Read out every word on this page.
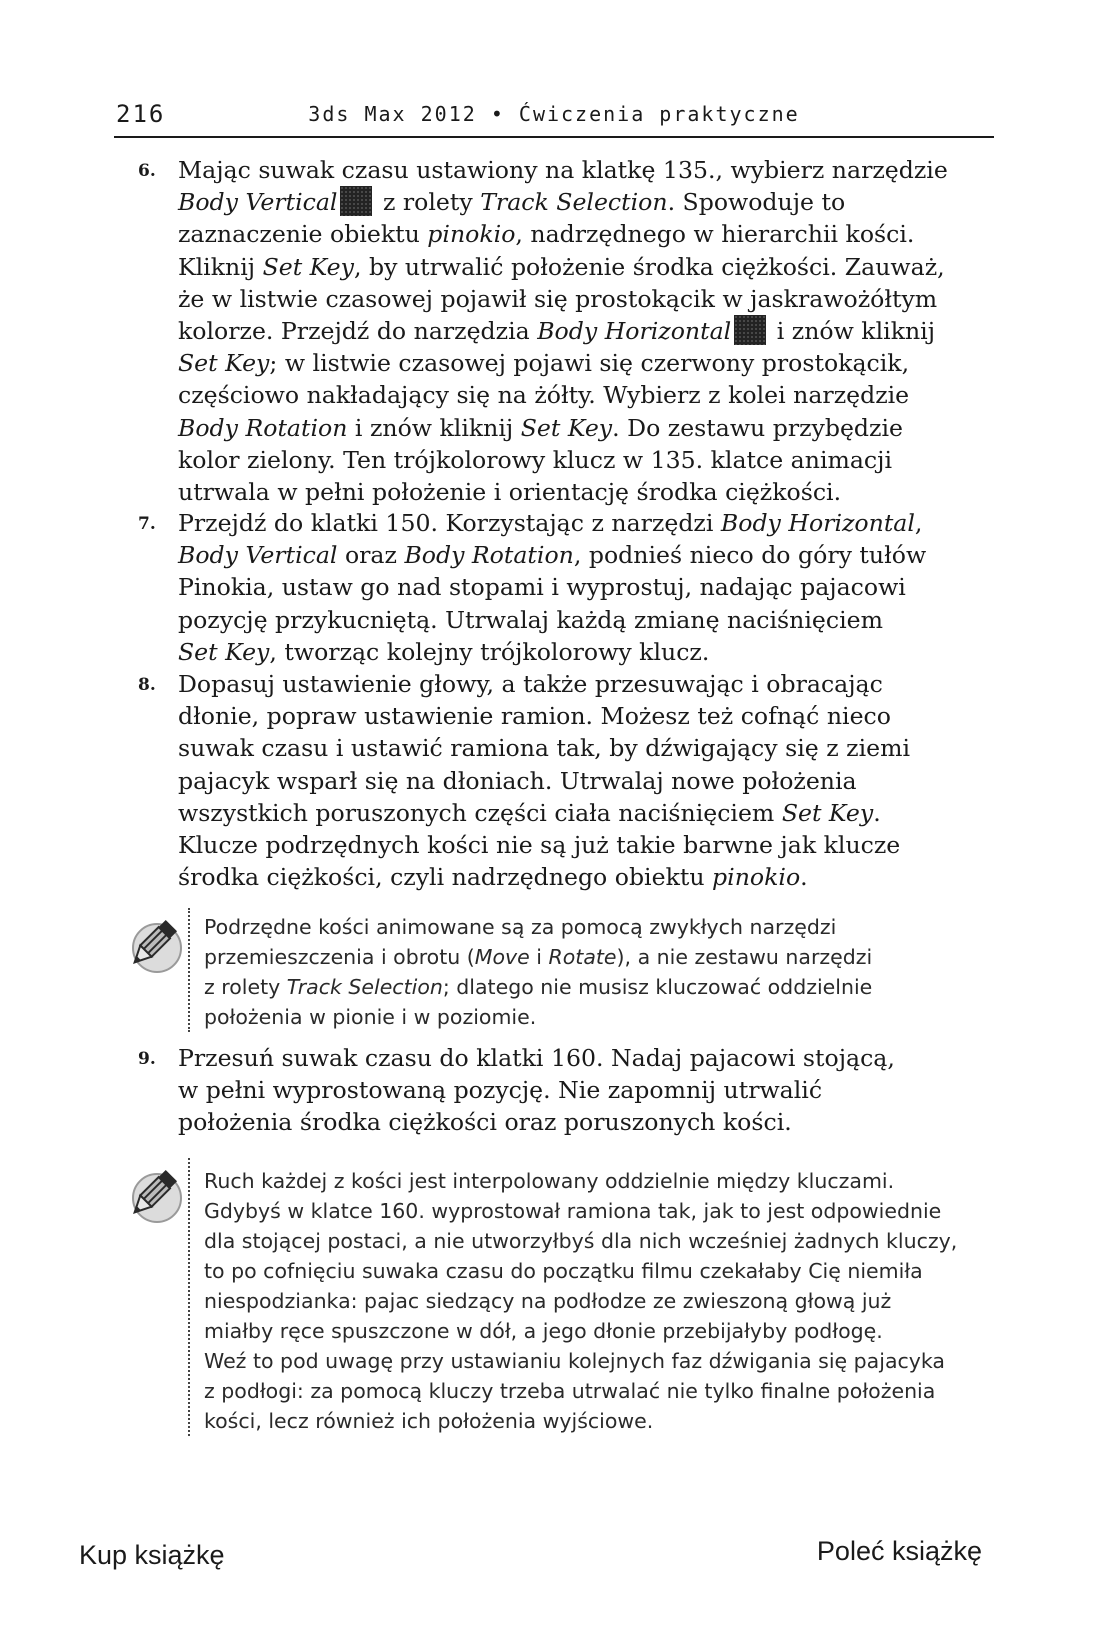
216	3ds Max 2012 • Ćwiczenia praktyczne
6. Mając suwak czasu ustawiony na klatkę 135., wybierz narzędzie
Body Vertical z rolety Track Selection. Spowoduje to
zaznaczenie obiektu pinokio, nadrzędnego w hierarchii kości.
Kliknij Set Key, by utrwalić położenie środka ciężkości. Zauważ,
że w listwie czasowej pojawił się prostokącik w jaskrawożółtym
kolorze. Przejdź do narzędzia Body Horizontal i znów kliknij
Set Key; w listwie czasowej pojawi się czerwony prostokącik,
częściowo nakładający się na żółty. Wybierz z kolei narzędzie
Body Rotation i znów kliknij Set Key. Do zestawu przybędzie
kolor zielony. Ten trójkolorowy klucz w 135. klatce animacji
utrwala w pełni położenie i orientację środka ciężkości.
7. Przejdź do klatki 150. Korzystając z narzędzi Body Horizontal,
Body Vertical oraz Body Rotation, podnieś nieco do góry tułów
Pinokia, ustaw go nad stopami i wyprostuj, nadając pajacowi
pozycję przykucniętą. Utrwalaj każdą zmianę naciśnięciem
Set Key, tworząc kolejny trójkolorowy klucz.
8. Dopasuj ustawienie głowy, a także przesuwając i obracając
dłonie, popraw ustawienie ramion. Możesz też cofnąć nieco
suwak czasu i ustawić ramiona tak, by dźwigający się z ziemi
pajacyk wsparł się na dłoniach. Utrwalaj nowe położenia
wszystkich poruszonych części ciała naciśnięciem Set Key.
Klucze podrzędnych kości nie są już takie barwne jak klucze
środka ciężkości, czyli nadrzędnego obiektu pinokio.
Podrzędne kości animowane są za pomocą zwykłych narzędzi
przemieszczenia i obrotu (Move i Rotate), a nie zestawu narzędzi
z rolety Track Selection; dlatego nie musisz kluczować oddzielnie
położenia w pionie i w poziomie.
9. Przesuń suwak czasu do klatki 160. Nadaj pajacowi stojącą,
w pełni wyprostowaną pozycję. Nie zapomnij utrwalić
położenia środka ciężkości oraz poruszonych kości.
Ruch każdej z kości jest interpolowany oddzielnie między kluczami.
Gdybyś w klatce 160. wyprostował ramiona tak, jak to jest odpowiednie
dla stojącej postaci, a nie utworzyłbyś dla nich wcześniej żadnych kluczy,
to po cofnięciu suwaka czasu do początku filmu czekałaby Cię niemiła
niespodzianka: pajac siedzący na podłodze ze zwieszoną głową już
miałby ręce spuszczone w dół, a jego dłonie przebijałyby podłogę.
Weź to pod uwagę przy ustawianiu kolejnych faz dźwigania się pajacyka
z podłogi: za pomocą kluczy trzeba utrwalać nie tylko finalne położenia
kości, lecz również ich położenia wyjściowe.
Kup książkę	Poleć książkę
